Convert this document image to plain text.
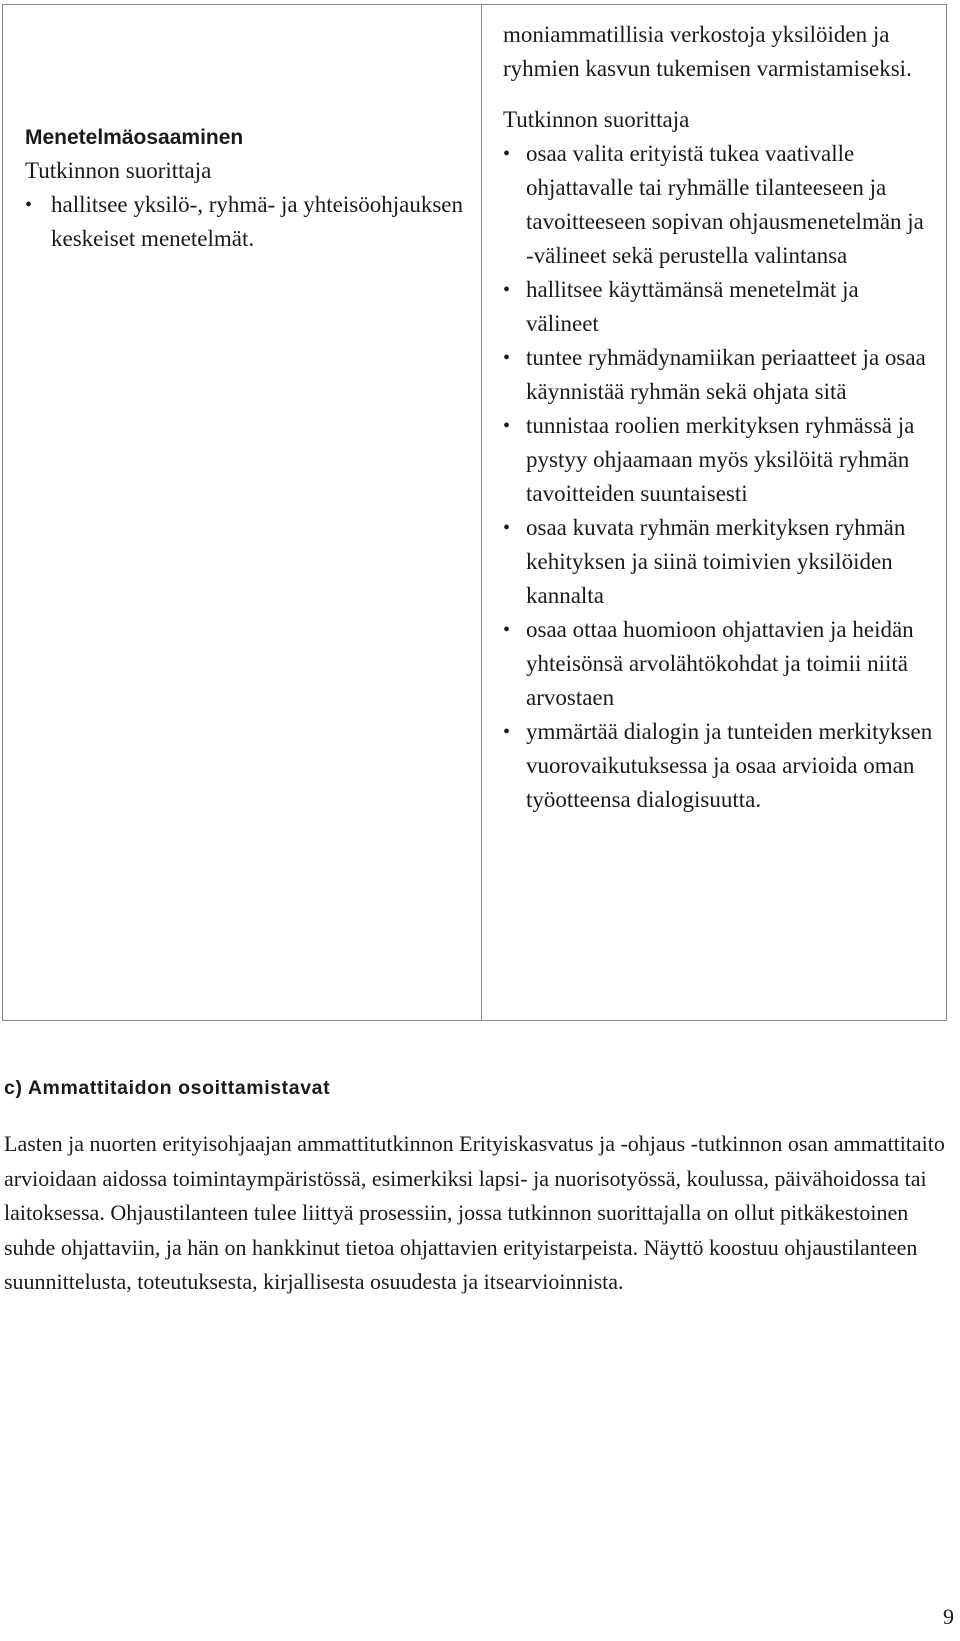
Menetelmäosaaminen

Tutkinnon suorittaja

• hallitsee yksilö-, ryhmä- ja yhteisöohjauksen keskeiset menetelmät.

moniammatillisia verkostoja yksilöiden ja ryhmien kasvun tukemisen varmistamiseksi.

Tutkinnon suorittaja

• osaa valita erityistä tukea vaativalle ohjattavalle tai ryhmälle tilanteeseen ja tavoitteeseen sopivan ohjausmenetelmän ja -välineet sekä perustella valintansa
• hallitsee käyttämänsä menetelmät ja välineet
• tuntee ryhmädynamiikan periaatteet ja osaa käynnistää ryhmän sekä ohjata sitä
• tunnistaa roolien merkityksen ryhmässä ja pystyy ohjaamaan myös yksilöitä ryhmän tavoitteiden suuntaisesti
• osaa kuvata ryhmän merkityksen ryhmän kehityksen ja siinä toimivien yksilöiden kannalta
• osaa ottaa huomioon ohjattavien ja heidän yhteisönsä arvolähtökohdat ja toimii niitä arvostaen
• ymmärtää dialogin ja tunteiden merkityksen vuorovaikutuksessa ja osaa arvioida oman työotteensa dialogisuutta.

c) Ammattitaidon osoittamistavat

Lasten ja nuorten erityisohjaajan ammattitutkinnon Erityiskasvatus ja -ohjaus -tutkinnon osan ammattitaito arvioidaan aidossa toimintaympäristössä, esimerkiksi lapsi- ja nuorisotyössä, koulussa, päivähoidossa tai laitoksessa. Ohjaustilanteen tulee liittyä prosessiin, jossa tutkinnon suorittajalla on ollut pitkäkestoinen suhde ohjattaviin, ja hän on hankkinut tietoa ohjattavien erityistarpeista. Näyttö koostuu ohjaustilanteen suunnittelusta, toteutuksesta, kirjallisesta osuudesta ja itsearvioinnista.

9
